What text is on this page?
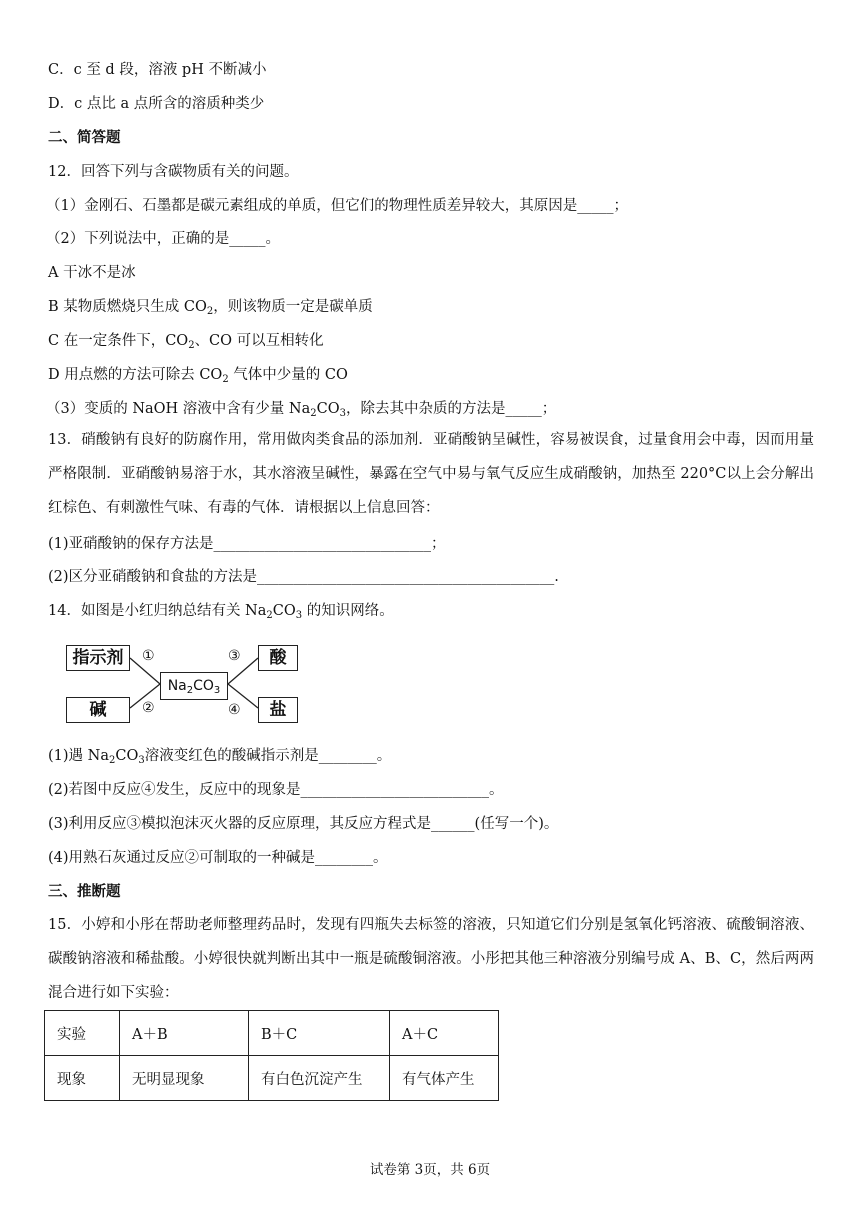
C．c 至 d 段，溶液 pH 不断减小
D．c 点比 a 点所含的溶质种类少
二、简答题
12．回答下列与含碳物质有关的问题。
（1）金刚石、石墨都是碳元素组成的单质，但它们的物理性质差异较大，其原因是_____；
（2）下列说法中，正确的是_____。
A 干冰不是冰
B 某物质燃烧只生成 $CO_2$，则该物质一定是碳单质
C 在一定条件下，$CO_2$、CO 可以互相转化
D 用点燃的方法可除去 $CO_2$ 气体中少量的 CO
（3）变质的 NaOH 溶液中含有少量 $Na_2CO_3$，除去其中杂质的方法是_____；
13．硝酸钠有良好的防腐作用，常用做肉类食品的添加剂．亚硝酸钠呈碱性，容易被误食，过量食用会中毒，因而用量严格限制．亚硝酸钠易溶于水，其水溶液呈碱性，暴露在空气中易与氧气反应生成硝酸钠，加热至 220°C以上会分解出红棕色、有刺激性气味、有毒的气体．请根据以上信息回答：
(1)亚硝酸钠的保存方法是______________________________；
(2)区分亚硝酸钠和食盐的方法是_________________________________________.
14．如图是小红归纳总结有关 $Na_2CO_3$ 的知识网络。
指示剂
碱
$Na_2CO_3$
酸
盐
①
②
③
④
(1)遇 $Na_2CO_3$溶液变红色的酸碱指示剂是________。
(2)若图中反应④发生，反应中的现象是__________________________。
(3)利用反应③模拟泡沫灭火器的反应原理，其反应方程式是______(任写一个)。
(4)用熟石灰通过反应②可制取的一种碱是________。
三、推断题
15．小婷和小彤在帮助老师整理药品时，发现有四瓶失去标签的溶液，只知道它们分别是氢氧化钙溶液、硫酸铜溶液、碳酸钠溶液和稀盐酸。小婷很快就判断出其中一瓶是硫酸铜溶液。小彤把其他三种溶液分别编号成 A、B、C，然后两两混合进行如下实验：
实验	A＋B	B＋C	A＋C
现象	无明显现象	有白色沉淀产生	有气体产生
试卷第 3页，共 6页
